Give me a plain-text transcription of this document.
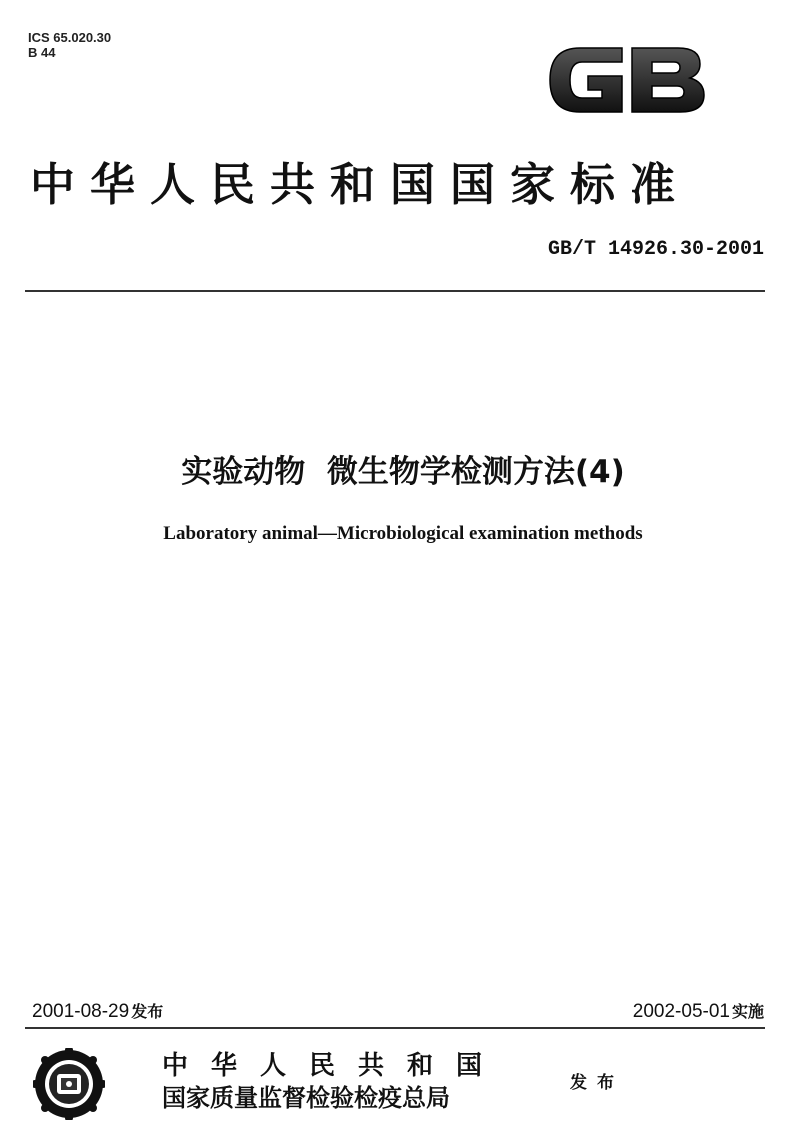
ICS 65.020.30
B 44
中华人民共和国国家标准
GB/T 14926.30-2001
实验动物  微生物学检测方法(4)
Laboratory animal—Microbiological examination methods
2001-08-29 发布	2002-05-01 实施
中华人民共和国
国家质量监督检验检疫总局
发布
